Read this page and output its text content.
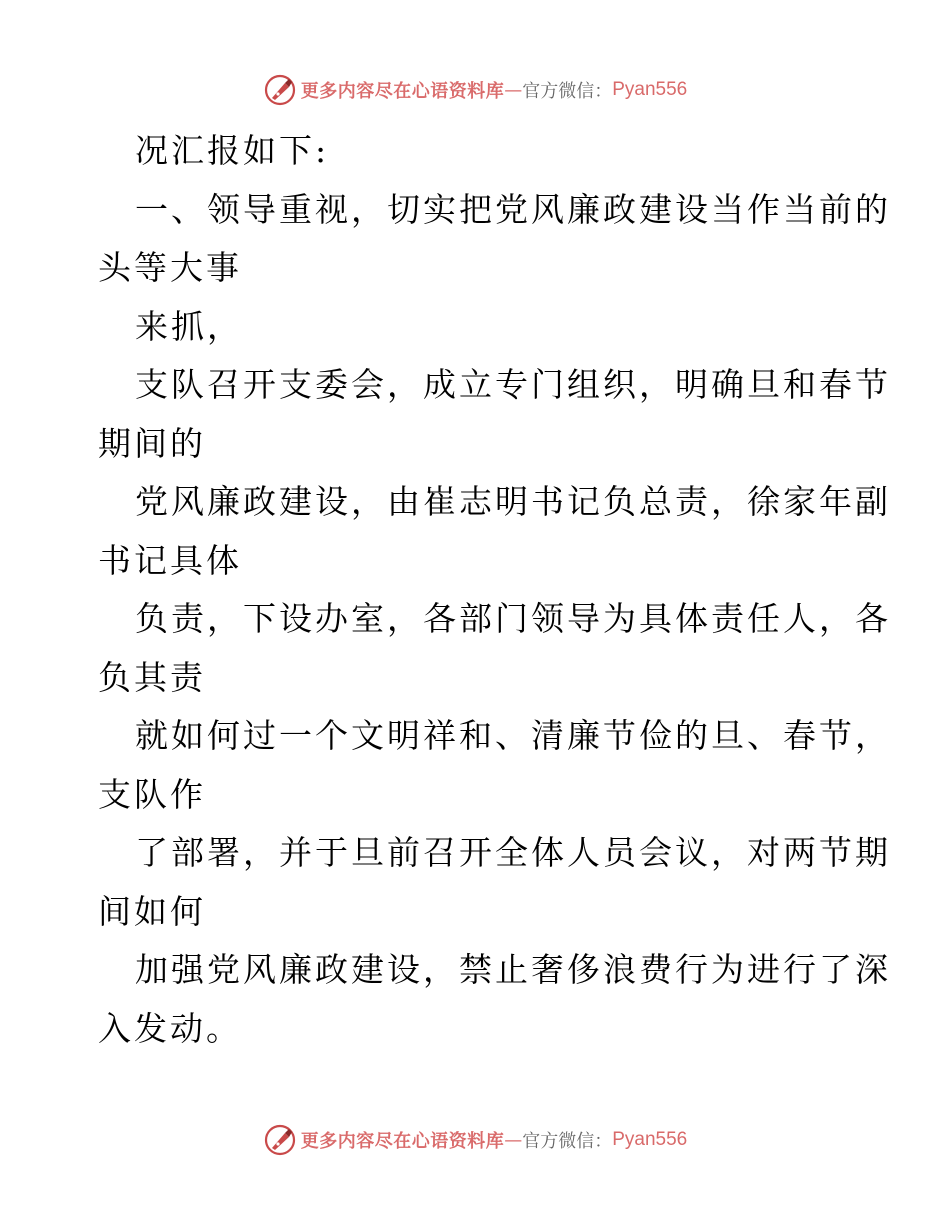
更多内容尽在心语资料库 — 官方微信： Pyan556
况汇报如下:
一、领导重视，切实把党风廉政建设当作当前的
头等大事
来抓，
支队召开支委会，成立专门组织，明确旦和春节
期间的
党风廉政建设，由崔志明书记负总责，徐家年副
书记具体
负责，下设办室，各部门领导为具体责任人，各
负其责
就如何过一个文明祥和、清廉节俭的旦、春节，
支队作
了部署，并于旦前召开全体人员会议，对两节期
间如何
加强党风廉政建设，禁止奢侈浪费行为进行了深
入发动。
更多内容尽在心语资料库 — 官方微信： Pyan556
